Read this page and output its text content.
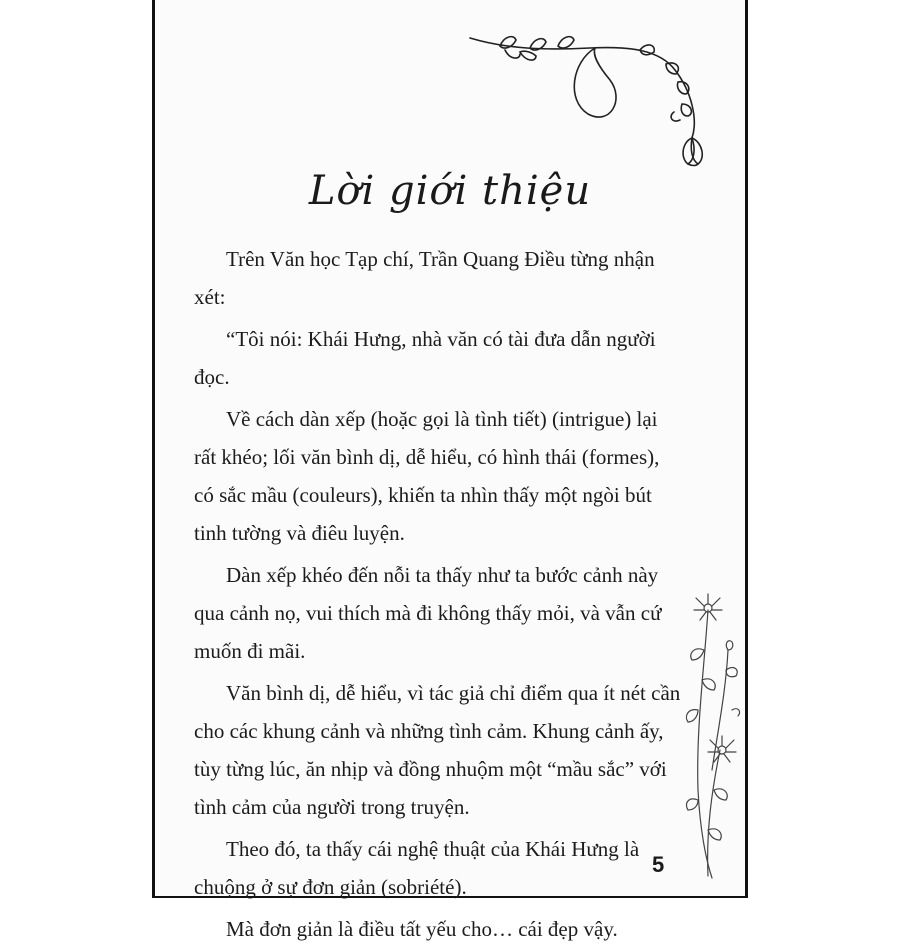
Lời giới thiệu

Trên Văn học Tạp chí, Trần Quang Điều từng nhận xét:

“Tôi nói: Khái Hưng, nhà văn có tài đưa dẫn người đọc.

Về cách dàn xếp (hoặc gọi là tình tiết) (intrigue) lại rất khéo; lối văn bình dị, dễ hiểu, có hình thái (formes), có sắc mầu (couleurs), khiến ta nhìn thấy một ngòi bút tinh tường và điêu luyện.

Dàn xếp khéo đến nỗi ta thấy như ta bước cảnh này qua cảnh nọ, vui thích mà đi không thấy mỏi, và vẫn cứ muốn đi mãi.

Văn bình dị, dễ hiểu, vì tác giả chỉ điểm qua ít nét cần cho các khung cảnh và những tình cảm. Khung cảnh ấy, tùy từng lúc, ăn nhịp và đồng nhuộm một “mầu sắc” với tình cảm của người trong truyện.

Theo đó, ta thấy cái nghệ thuật của Khái Hưng là chuộng ở sự đơn giản (sobriété).

Mà đơn giản là điều tất yếu cho… cái đẹp vậy.

5
